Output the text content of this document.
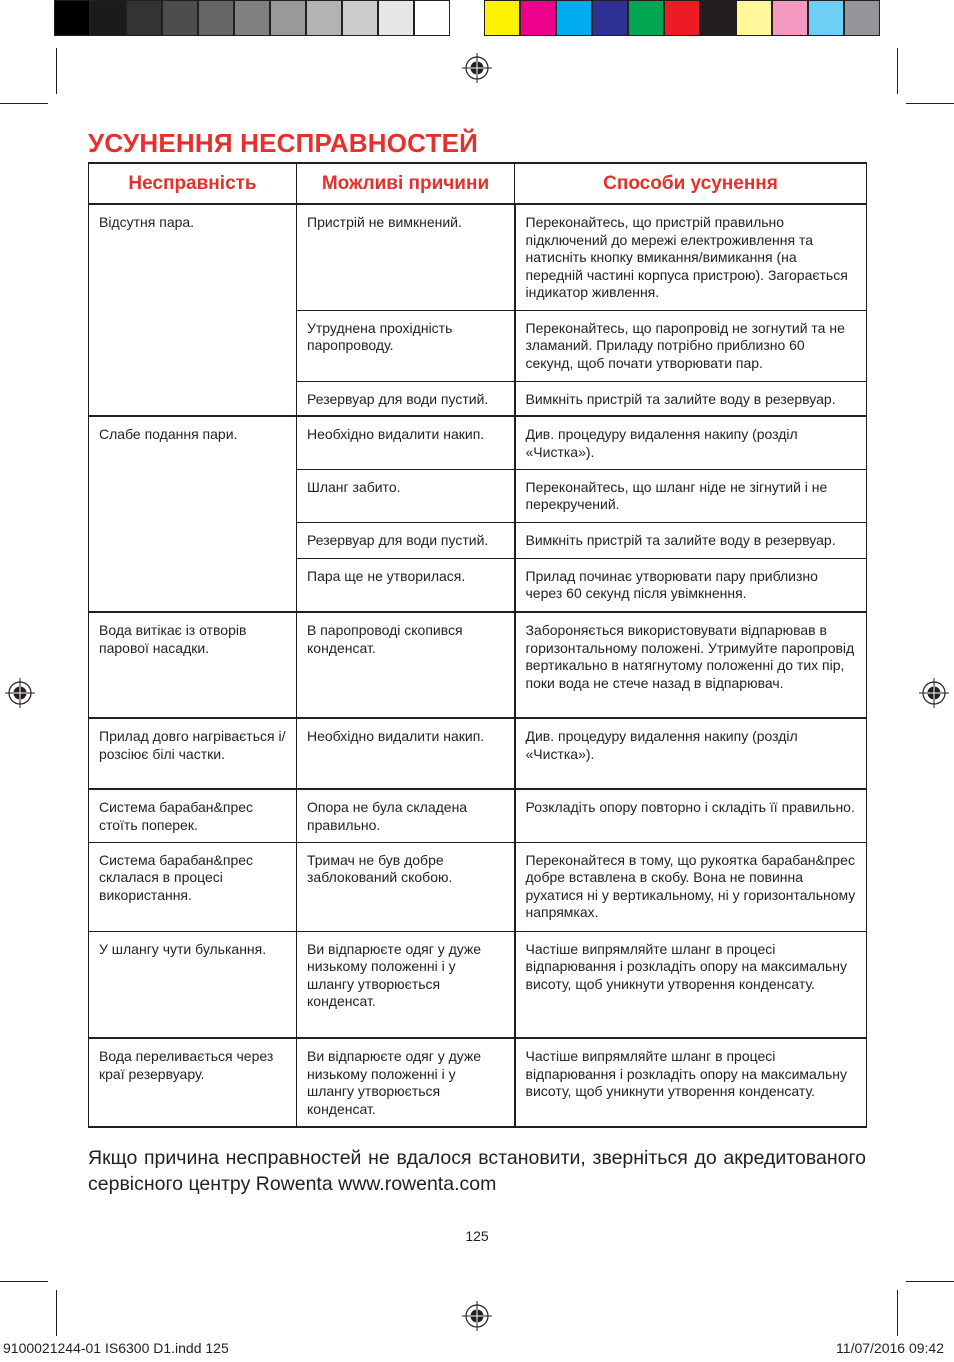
УСУНЕННЯ НЕСПРАВНОСТЕЙ
Несправність	Можливі причини	Способи усунення
Відсутня пара.	Пристрій не вимкнений.	Переконайтесь, що пристрій правильно підключений до мережі електроживлення та натисніть кнопку вмикання/вимикання (на передній частині корпуса пристрою). Загорається індикатор живлення.
	Утруднена прохідність паропроводу.	Переконайтесь, що паропровід не зогнутий та не зламаний. Приладу потрібно приблизно 60 секунд, щоб почати утворювати пар.
	Резервуар для води пустий.	Вимкніть пристрій та залийте воду в резервуар.
Слабе подання пари.	Необхідно видалити накип.	Див. процедуру видалення накипу (розділ «Чистка»).
	Шланг забито.	Переконайтесь, що шланг ніде не зігнутий і не перекручений.
	Резервуар для води пустий.	Вимкніть пристрій та залийте воду в резервуар.
	Пара ще не утворилася.	Прилад починає утворювати пару приблизно через 60 секунд після увімкнення.
Вода витікає із отворів парової насадки.	В паропроводі скопився конденсат.	Забороняється використовувати відпарював в горизонтальному положені. Утримуйте паропровід вертикально в натягнутому положенні до тих пір, поки вода не стече назад в відпарювач.
Прилад довго нагрівається і/ розсіює білі частки.	Необхідно видалити накип.	Див. процедуру видалення накипу (розділ «Чистка»).
Система барабан&прес стоїть поперек.	Опора не була складена правильно.	Розкладіть опору повторно і складіть її правильно.
Система барабан&прес склалася в процесі використання.	Тримач не був добре заблокований скобою.	Переконайтеся в тому, що рукоятка барабан&прес добре вставлена в скобу. Вона не повинна рухатися ні у вертикальному, ні у горизонтальному напрямках.
У шлангу чути булькання.	Ви відпарюєте одяг у дуже низькому положенні і у шлангу утворюється конденсат.	Частіше випрямляйте шланг в процесі відпарювання і розкладіть опору на максимальну висоту, щоб уникнути утворення конденсату.
Вода переливається через краї резервуару.	Ви відпарюєте одяг у дуже низькому положенні і у шлангу утворюється конденсат.	Частіше випрямляйте шланг в процесі відпарювання і розкладіть опору на максимальну висоту, щоб уникнути утворення конденсату.

Якщо причина несправностей не вдалося встановити, зверніться до акредитованого сервісного центру Rowenta www.rowenta.com

125
9100021244-01 IS6300 D1.indd 125	11/07/2016 09:42
